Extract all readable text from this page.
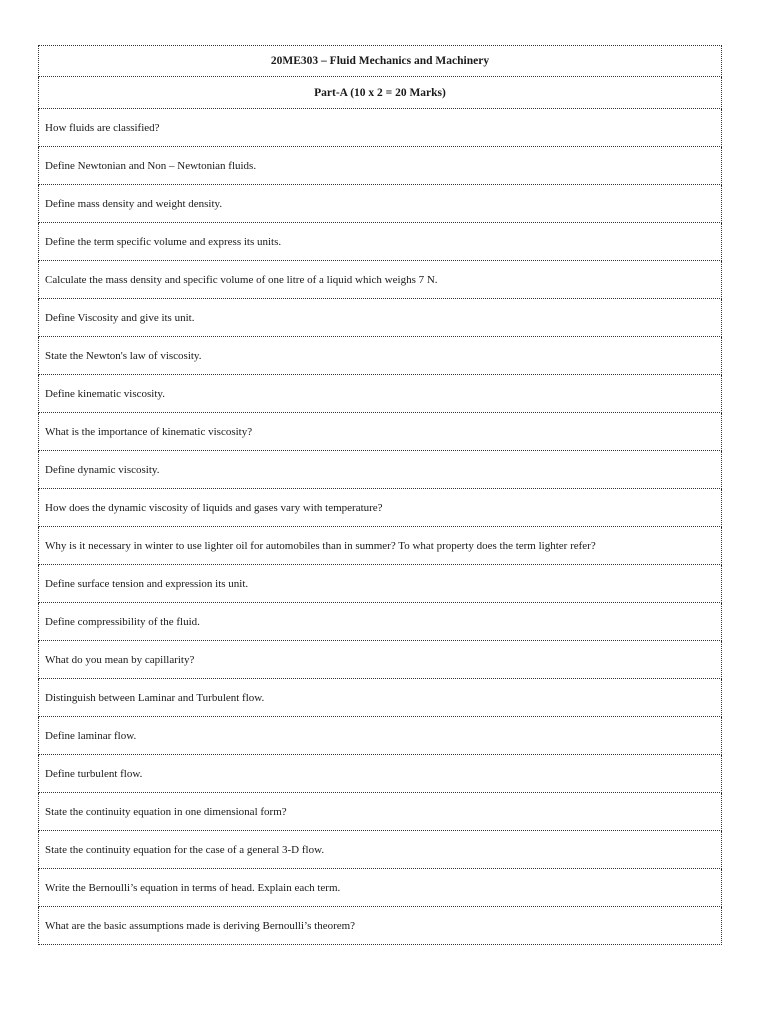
20ME303 – Fluid Mechanics and Machinery
Part-A (10 x 2 = 20 Marks)
How fluids are classified?
Define Newtonian and Non – Newtonian fluids.
Define mass density and weight density.
Define the term specific volume and express its units.
Calculate the mass density and specific volume of one litre of a liquid which weighs 7 N.
Define Viscosity and give its unit.
State the Newton's law of viscosity.
Define kinematic viscosity.
What is the importance of kinematic viscosity?
Define dynamic viscosity.
How does the dynamic viscosity of liquids and gases vary with temperature?
Why is it necessary in winter to use lighter oil for automobiles than in summer? To what property does the term lighter refer?
Define surface tension and expression its unit.
Define compressibility of the fluid.
What do you mean by capillarity?
Distinguish between Laminar and Turbulent flow.
Define laminar flow.
Define turbulent flow.
State the continuity equation in one dimensional form?
State the continuity equation for the case of a general 3-D flow.
Write the Bernoulli’s equation in terms of head. Explain each term.
What are the basic assumptions made is deriving Bernoulli’s theorem?
